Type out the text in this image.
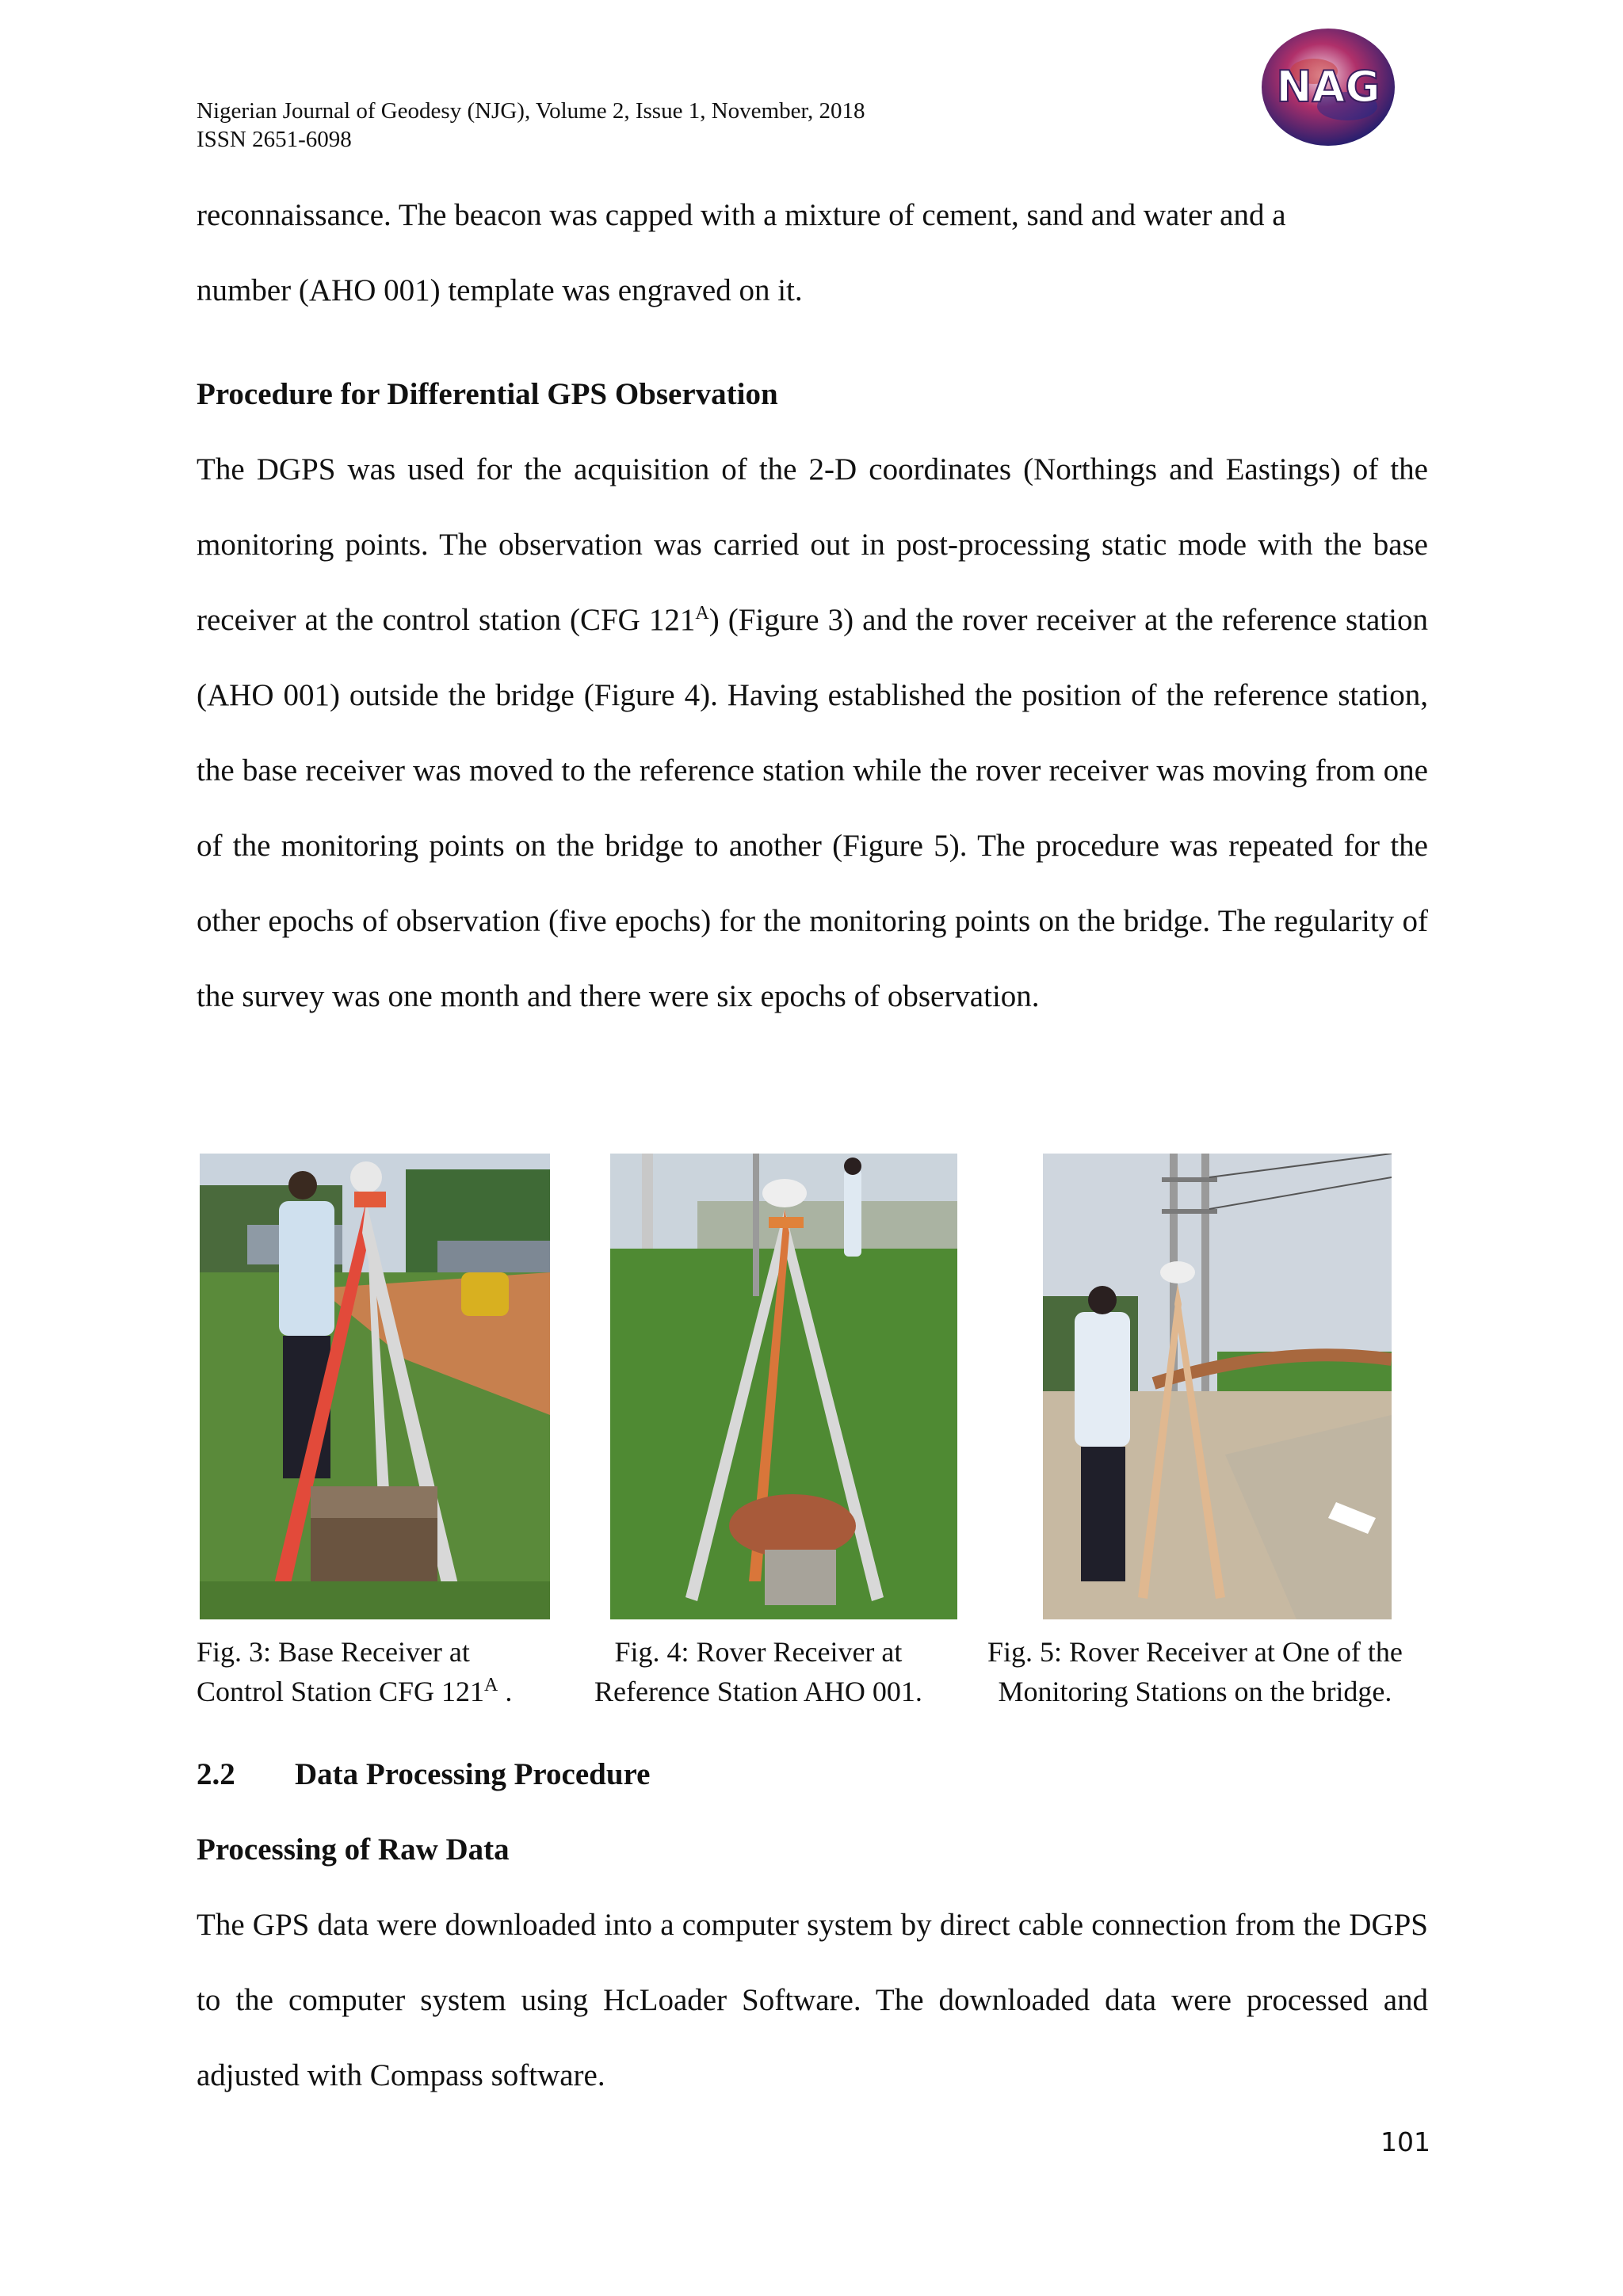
Nigerian Journal of Geodesy (NJG), Volume 2, Issue 1, November, 2018
ISSN 2651-6098
NAG
reconnaissance. The beacon was capped with a mixture of cement, sand and water and a
number (AHO 001) template was engraved on it.
Procedure for Differential GPS Observation

The DGPS was used for the acquisition of the 2-D coordinates (Northings and Eastings) of the monitoring points. The observation was carried out in post-processing static mode with the base receiver at the control station (CFG $121^A$) (Figure 3) and the rover receiver at the reference station (AHO 001) outside the bridge (Figure 4). Having established the position of the reference station, the base receiver was moved to the reference station while the rover receiver was moving from one of the monitoring points on the bridge to another (Figure 5). The procedure was repeated for the other epochs of observation (five epochs) for the monitoring points on the bridge. The regularity of the survey was one month and there were six epochs of observation.

Fig. 3: Base Receiver at
Control Station CFG $121^A$ .
Fig. 4: Rover Receiver at
Reference Station AHO 001.
Fig. 5: Rover Receiver at One of the
Monitoring Stations on the bridge.
2.2 Data Processing Procedure
Processing of Raw Data

The GPS data were downloaded into a computer system by direct cable connection from the DGPS to the computer system using HcLoader Software. The downloaded data were processed and adjusted with Compass software.

101
